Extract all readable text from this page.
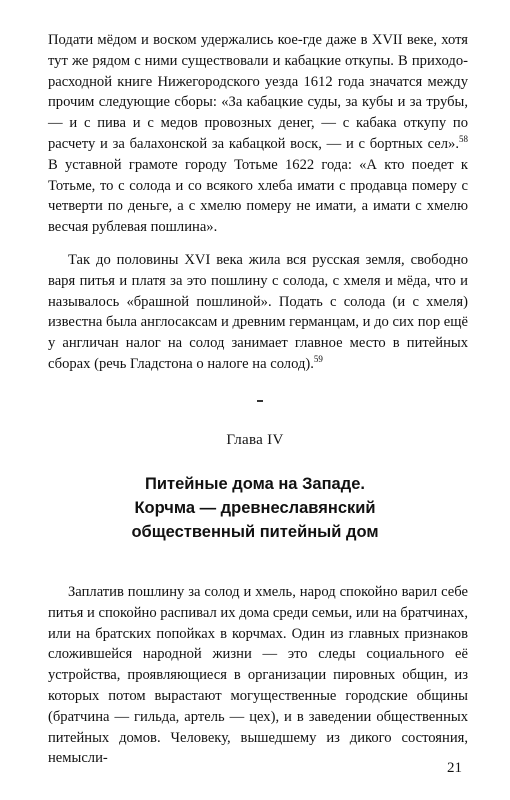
Подати мёдом и воском удержались кое-где даже в XVII веке, хотя тут же рядом с ними существовали и кабацкие откупы. В приходо-расходной книге Нижегородского уезда 1612 года значатся между прочим следующие сборы: «За кабацкие суды, за кубы и за трубы, — и с пива и с медов провозных денег, — с кабака откупу по расчету и за балахонской за кабацкой воск, — и с бортных сел».$^{58}$ В уставной грамоте городу Тотьме 1622 года: «А кто поедет к Тотьме, то с солода и со всякого хлеба имати с продавца померу с четверти по деньге, а с хмелю померу не имати, а имати с хмелю весчая рублевая пошлина».

Так до половины XVI века жила вся русская земля, свободно варя питья и платя за это пошлину с солода, с хмеля и мёда, что и называлось «брашной пошлиной». Подать с солода (и с хмеля) известна была англосаксам и древним германцам, и до сих пор ещё у англичан налог на солод занимает главное место в питейных сборах (речь Гладстона о налоге на солод).$^{59}$

Глава IV
Питейные дома на Западе.
Корчма — древнеславянский
общественный питейный дом

Заплатив пошлину за солод и хмель, народ спокойно варил себе питья и спокойно распивал их дома среди семьи, или на братчинах, или на братских попойках в корчмах. Один из главных признаков сложившейся народной жизни — это следы социального её устройства, проявляющиеся в организации пировных общин, из которых потом вырастают могущественные городские общины (братчина — гильда, артель — цех), и в заведении общественных питейных домов. Человеку, вышедшему из дикого состояния, немысли-

21
